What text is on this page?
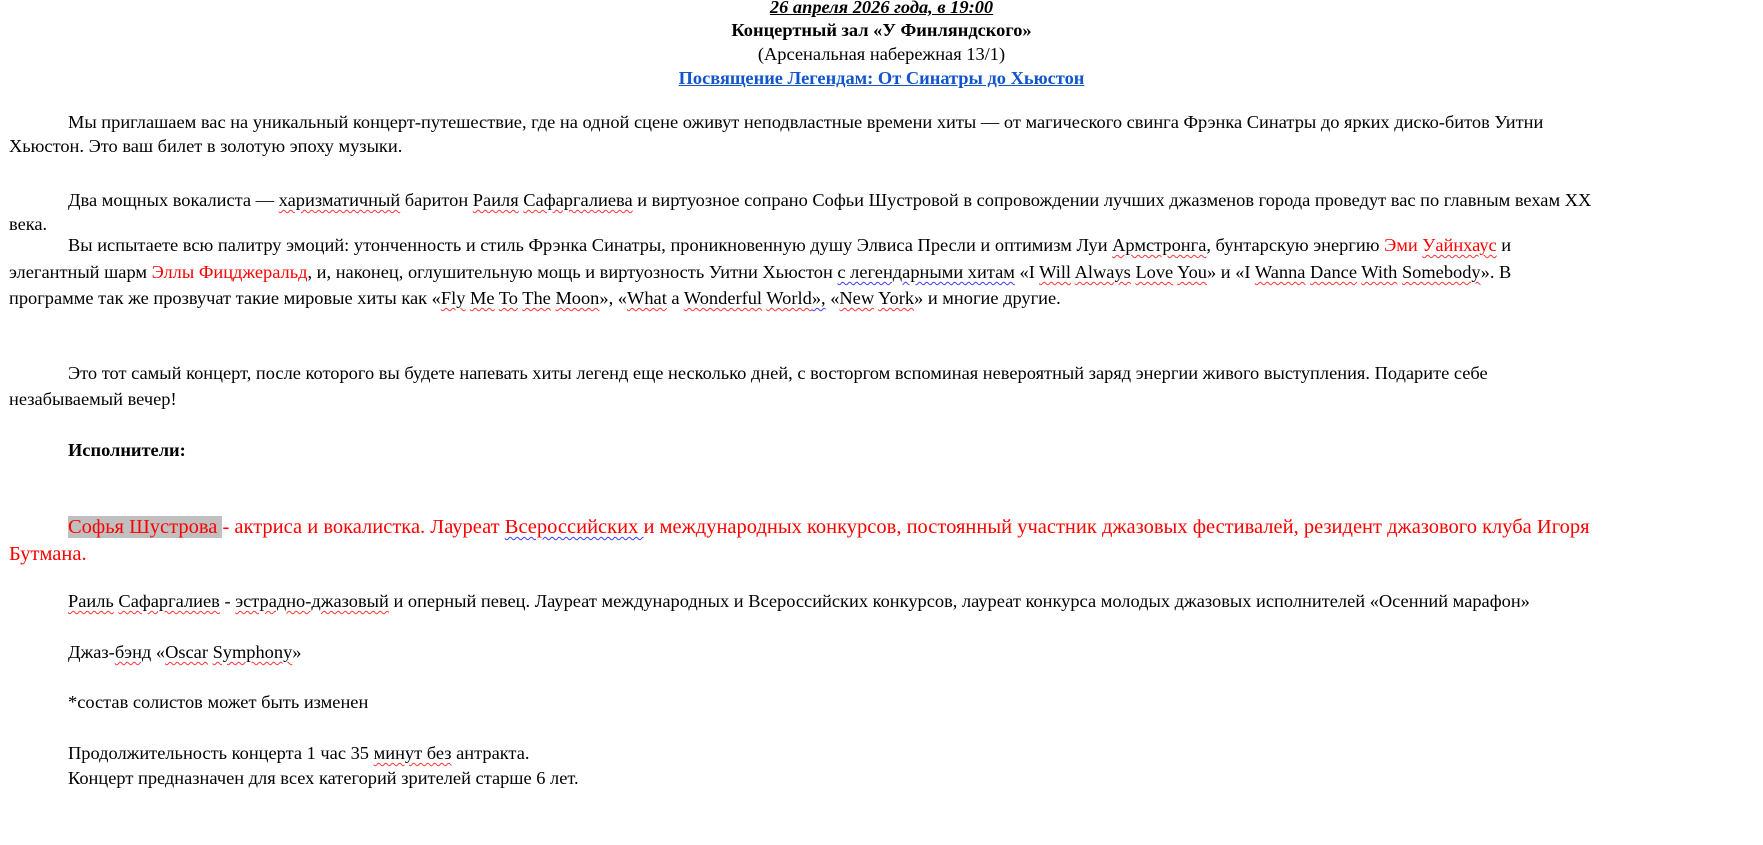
26 апреля 2026 года, в 19:00
Концертный зал «У Финляндского»
(Арсенальная набережная 13/1)
Посвящение Легендам: От Синатры до Хьюстон
Мы приглашаем вас на уникальный концерт-путешествие, где на одной сцене оживут неподвластные времени хиты — от магического свинга Фрэнка Синатры до ярких диско-битов Уитни
Хьюстон. Это ваш билет в золотую эпоху музыки.
Два мощных вокалиста — харизматичный баритон Раиля Сафаргалиева и виртуозное сопрано Софьи Шустровой в сопровождении лучших джазменов города проведут вас по главным вехам XX
века.
Вы испытаете всю палитру эмоций: утонченность и стиль Фрэнка Синатры, проникновенную душу Элвиса Пресли и оптимизм Луи Армстронга, бунтарскую энергию Эми Уайнхаус и
элегантный шарм Эллы Фицджеральд, и, наконец, оглушительную мощь и виртуозность Уитни Хьюстон с легендарными хитам «I Will Always Love You» и «I Wanna Dance With Somebody». В
программе так же прозвучат такие мировые хиты как «Fly Me To The Moon», «What a Wonderful World», «New York» и многие другие.
Это тот самый концерт, после которого вы будете напевать хиты легенд еще несколько дней, с восторгом вспоминая невероятный заряд энергии живого выступления. Подарите себе
незабываемый вечер!
Исполнители:
Софья Шустрова - актриса и вокалистка. Лауреат Всероссийских и международных конкурсов, постоянный участник джазовых фестивалей, резидент джазового клуба Игоря
Бутмана.
Раиль Сафаргалиев - эстрадно-джазовый и оперный певец. Лауреат международных и Всероссийских конкурсов, лауреат конкурса молодых джазовых исполнителей «Осенний марафон»
Джаз-бэнд «Oscar Symphony»
*состав солистов может быть изменен
Продолжительность концерта 1 час 35 минут без антракта.
Концерт предназначен для всех категорий зрителей старше 6 лет.
